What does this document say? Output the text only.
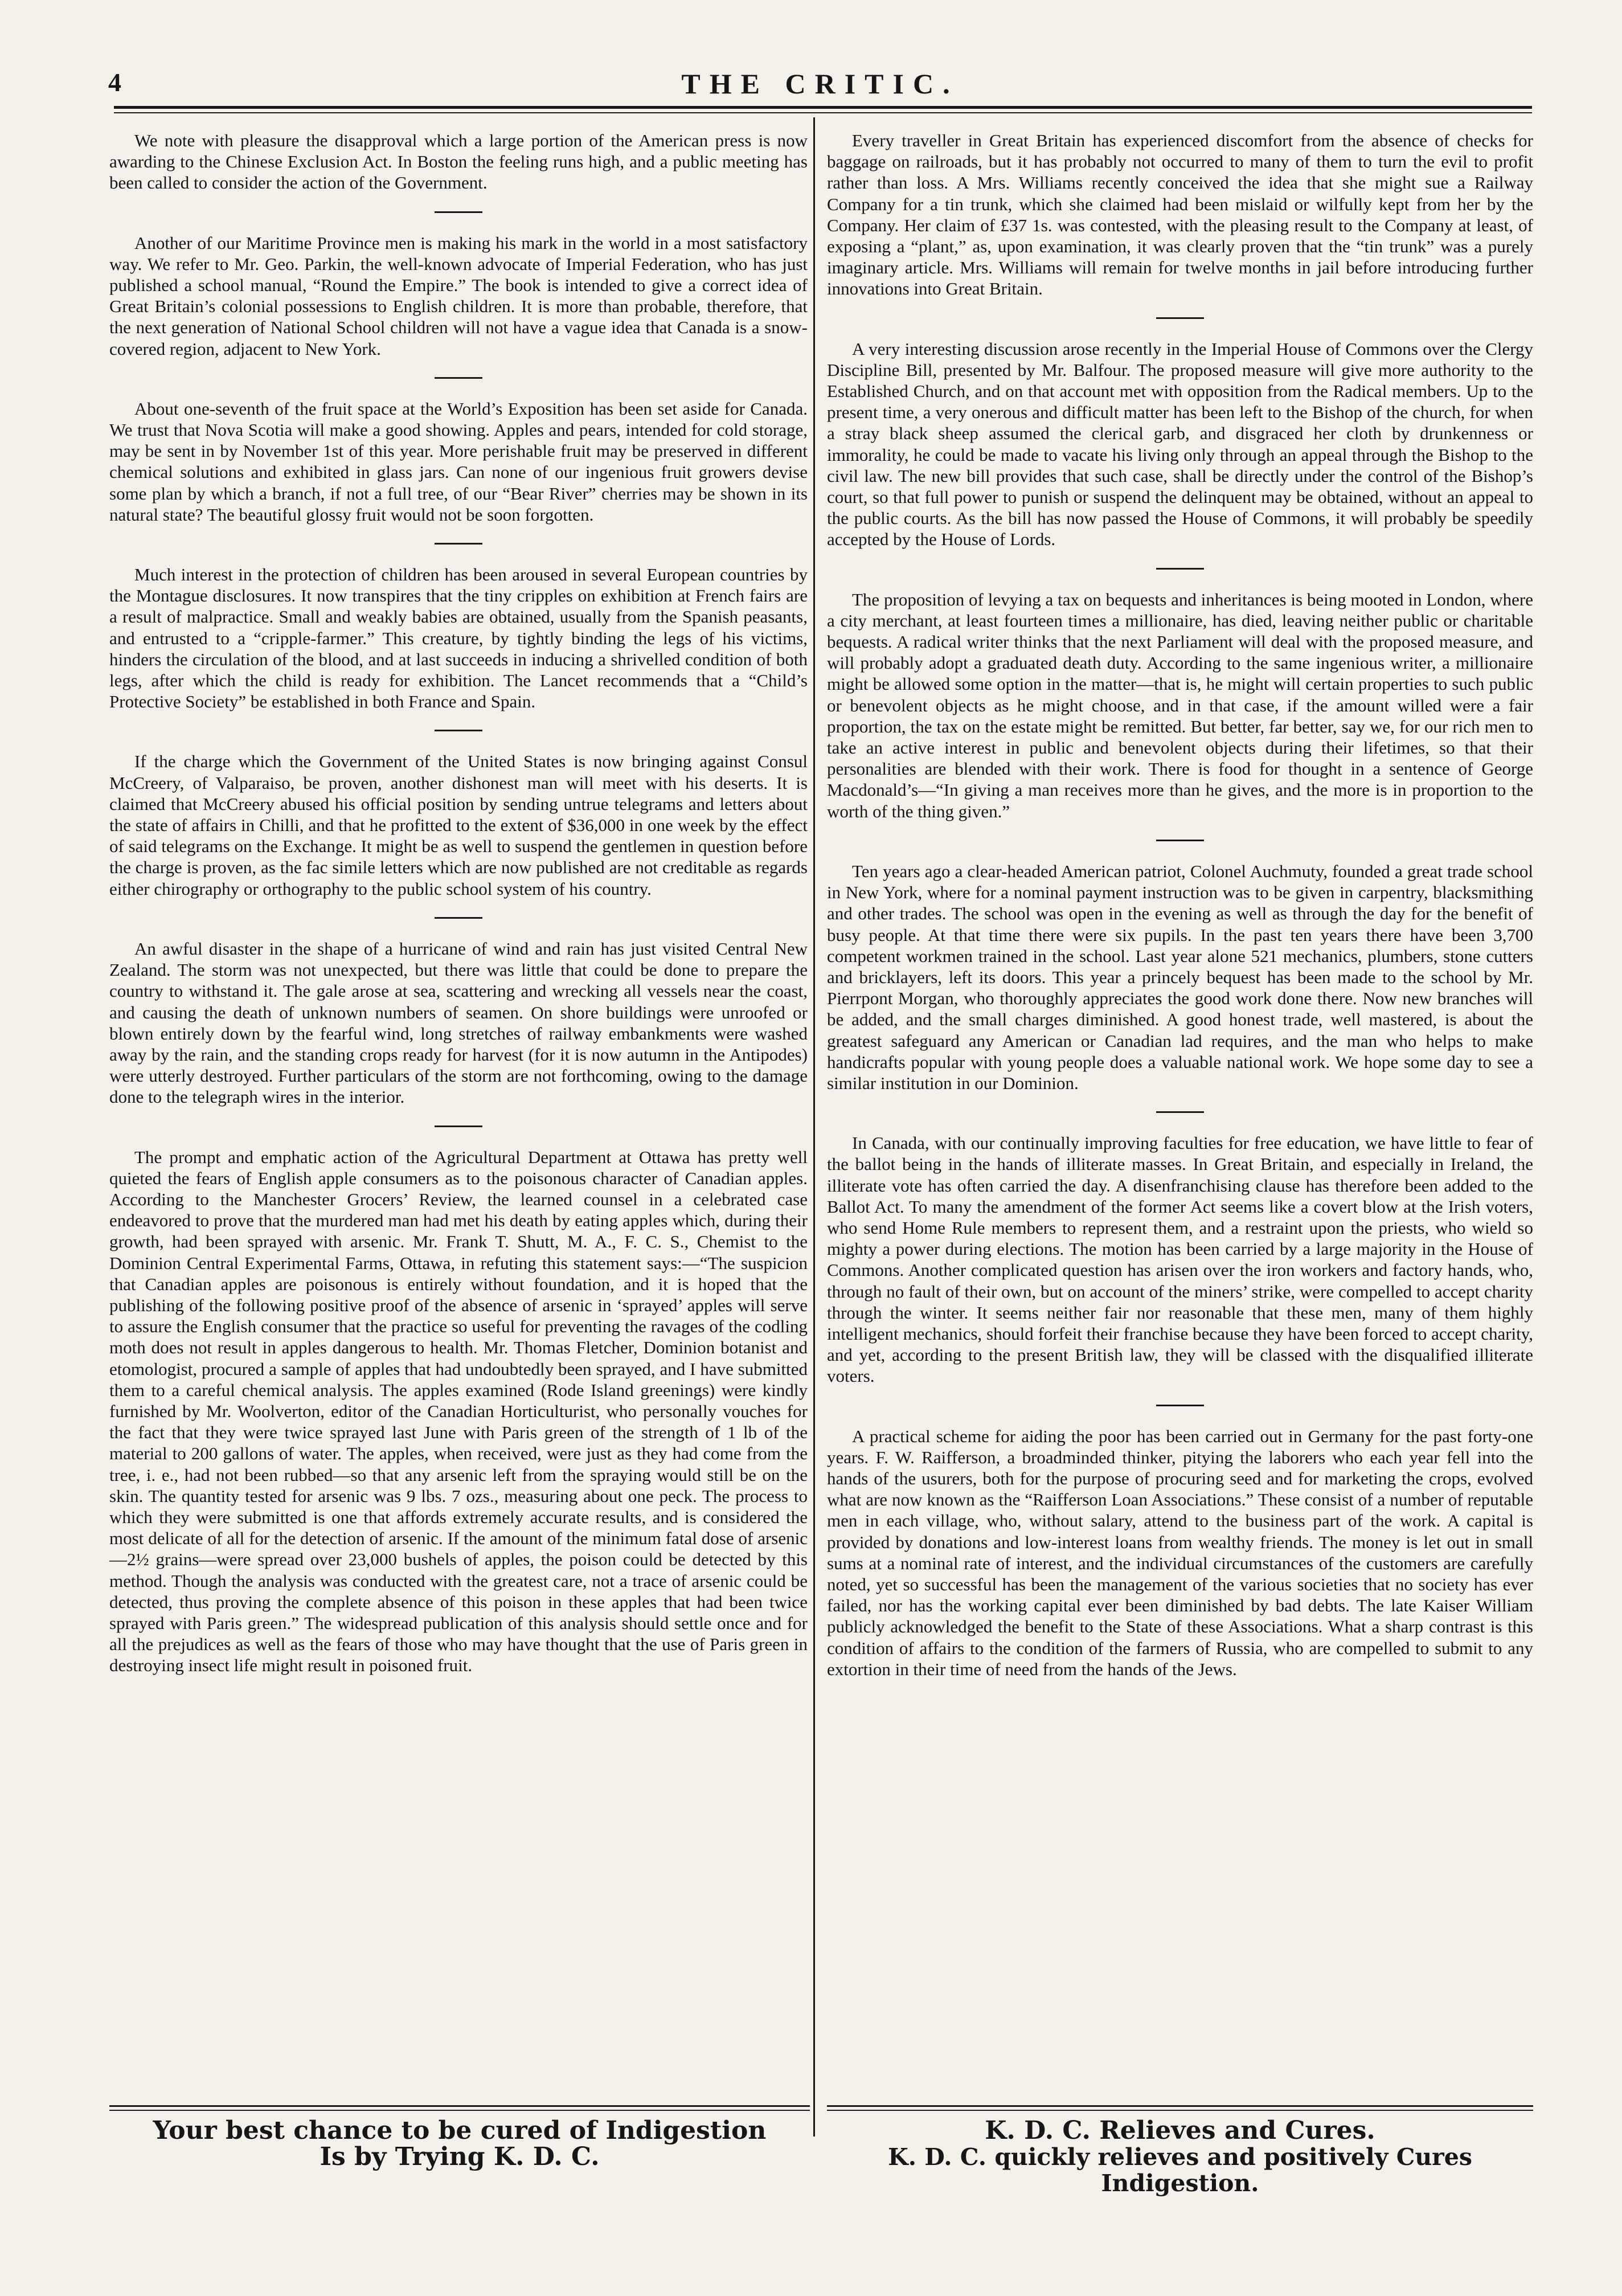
4	THE CRITIC.

We note with pleasure the disapproval which a large portion of the American press is now awarding to the Chinese Exclusion Act. In Boston the feeling runs high, and a public meeting has been called to consider the action of the Government.

Another of our Maritime Province men is making his mark in the world in a most satisfactory way. We refer to Mr. Geo. Parkin, the well-known advocate of Imperial Federation, who has just published a school manual, “Round the Empire.” The book is intended to give a correct idea of Great Britain’s colonial possessions to English children. It is more than probable, therefore, that the next generation of National School children will not have a vague idea that Canada is a snow-covered region, adjacent to New York.

About one-seventh of the fruit space at the World’s Exposition has been set aside for Canada. We trust that Nova Scotia will make a good showing. Apples and pears, intended for cold storage, may be sent in by November 1st of this year. More perishable fruit may be preserved in different chemical solutions and exhibited in glass jars. Can none of our ingenious fruit growers devise some plan by which a branch, if not a full tree, of our “Bear River” cherries may be shown in its natural state? The beautiful glossy fruit would not be soon forgotten.

Much interest in the protection of children has been aroused in several European countries by the Montague disclosures. It now transpires that the tiny cripples on exhibition at French fairs are a result of malpractice. Small and weakly babies are obtained, usually from the Spanish peasants, and entrusted to a “cripple-farmer.” This creature, by tightly binding the legs of his victims, hinders the circulation of the blood, and at last succeeds in inducing a shrivelled condition of both legs, after which the child is ready for exhibition. The Lancet recommends that a “Child’s Protective Society” be established in both France and Spain.

If the charge which the Government of the United States is now bringing against Consul McCreery, of Valparaiso, be proven, another dishonest man will meet with his deserts. It is claimed that McCreery abused his official position by sending untrue telegrams and letters about the state of affairs in Chilli, and that he profitted to the extent of $36,000 in one week by the effect of said telegrams on the Exchange. It might be as well to suspend the gentlemen in question before the charge is proven, as the fac simile letters which are now published are not creditable as regards either chirography or orthography to the public school system of his country.

An awful disaster in the shape of a hurricane of wind and rain has just visited Central New Zealand. The storm was not unexpected, but there was little that could be done to prepare the country to withstand it. The gale arose at sea, scattering and wrecking all vessels near the coast, and causing the death of unknown numbers of seamen. On shore buildings were unroofed or blown entirely down by the fearful wind, long stretches of railway embankments were washed away by the rain, and the standing crops ready for harvest (for it is now autumn in the Antipodes) were utterly destroyed. Further particulars of the storm are not forthcoming, owing to the damage done to the telegraph wires in the interior.

The prompt and emphatic action of the Agricultural Department at Ottawa has pretty well quieted the fears of English apple consumers as to the poisonous character of Canadian apples. According to the Manchester Grocers’ Review, the learned counsel in a celebrated case endeavored to prove that the murdered man had met his death by eating apples which, during their growth, had been sprayed with arsenic. Mr. Frank T. Shutt, M. A., F. C. S., Chemist to the Dominion Central Experimental Farms, Ottawa, in refuting this statement says:—“The suspicion that Canadian apples are poisonous is entirely without foundation, and it is hoped that the publishing of the following positive proof of the absence of arsenic in ‘sprayed’ apples will serve to assure the English consumer that the practice so useful for preventing the ravages of the codling moth does not result in apples dangerous to health. Mr. Thomas Fletcher, Dominion botanist and etomologist, procured a sample of apples that had undoubtedly been sprayed, and I have submitted them to a careful chemical analysis. The apples examined (Rode Island greenings) were kindly furnished by Mr. Woolverton, editor of the Canadian Horticulturist, who personally vouches for the fact that they were twice sprayed last June with Paris green of the strength of 1 lb of the material to 200 gallons of water. The apples, when received, were just as they had come from the tree, i. e., had not been rubbed—so that any arsenic left from the spraying would still be on the skin. The quantity tested for arsenic was 9 lbs. 7 ozs., measuring about one peck. The process to which they were submitted is one that affords extremely accurate results, and is considered the most delicate of all for the detection of arsenic. If the amount of the minimum fatal dose of arsenic—2½ grains—were spread over 23,000 bushels of apples, the poison could be detected by this method. Though the analysis was conducted with the greatest care, not a trace of arsenic could be detected, thus proving the complete absence of this poison in these apples that had been twice sprayed with Paris green.” The widespread publication of this analysis should settle once and for all the prejudices as well as the fears of those who may have thought that the use of Paris green in destroying insect life might result in poisoned fruit.

Every traveller in Great Britain has experienced discomfort from the absence of checks for baggage on railroads, but it has probably not occurred to many of them to turn the evil to profit rather than loss. A Mrs. Williams recently conceived the idea that she might sue a Railway Company for a tin trunk, which she claimed had been mislaid or wilfully kept from her by the Company. Her claim of £37 1s. was contested, with the pleasing result to the Company at least, of exposing a “plant,” as, upon examination, it was clearly proven that the “tin trunk” was a purely imaginary article. Mrs. Williams will remain for twelve months in jail before introducing further innovations into Great Britain.

A very interesting discussion arose recently in the Imperial House of Commons over the Clergy Discipline Bill, presented by Mr. Balfour. The proposed measure will give more authority to the Established Church, and on that account met with opposition from the Radical members. Up to the present time, a very onerous and difficult matter has been left to the Bishop of the church, for when a stray black sheep assumed the clerical garb, and disgraced her cloth by drunkenness or immorality, he could be made to vacate his living only through an appeal through the Bishop to the civil law. The new bill provides that such case, shall be directly under the control of the Bishop’s court, so that full power to punish or suspend the delinquent may be obtained, without an appeal to the public courts. As the bill has now passed the House of Commons, it will probably be speedily accepted by the House of Lords.

The proposition of levying a tax on bequests and inheritances is being mooted in London, where a city merchant, at least fourteen times a millionaire, has died, leaving neither public or charitable bequests. A radical writer thinks that the next Parliament will deal with the proposed measure, and will probably adopt a graduated death duty. According to the same ingenious writer, a millionaire might be allowed some option in the matter—that is, he might will certain properties to such public or benevolent objects as he might choose, and in that case, if the amount willed were a fair proportion, the tax on the estate might be remitted. But better, far better, say we, for our rich men to take an active interest in public and benevolent objects during their lifetimes, so that their personalities are blended with their work. There is food for thought in a sentence of George Macdonald’s—“In giving a man receives more than he gives, and the more is in proportion to the worth of the thing given.”

Ten years ago a clear-headed American patriot, Colonel Auchmuty, founded a great trade school in New York, where for a nominal payment instruction was to be given in carpentry, blacksmithing and other trades. The school was open in the evening as well as through the day for the benefit of busy people. At that time there were six pupils. In the past ten years there have been 3,700 competent workmen trained in the school. Last year alone 521 mechanics, plumbers, stone cutters and bricklayers, left its doors. This year a princely bequest has been made to the school by Mr. Pierrpont Morgan, who thoroughly appreciates the good work done there. Now new branches will be added, and the small charges diminished. A good honest trade, well mastered, is about the greatest safeguard any American or Canadian lad requires, and the man who helps to make handicrafts popular with young people does a valuable national work. We hope some day to see a similar institution in our Dominion.

In Canada, with our continually improving faculties for free education, we have little to fear of the ballot being in the hands of illiterate masses. In Great Britain, and especially in Ireland, the illiterate vote has often carried the day. A disenfranchising clause has therefore been added to the Ballot Act. To many the amendment of the former Act seems like a covert blow at the Irish voters, who send Home Rule members to represent them, and a restraint upon the priests, who wield so mighty a power during elections. The motion has been carried by a large majority in the House of Commons. Another complicated question has arisen over the iron workers and factory hands, who, through no fault of their own, but on account of the miners’ strike, were compelled to accept charity through the winter. It seems neither fair nor reasonable that these men, many of them highly intelligent mechanics, should forfeit their franchise because they have been forced to accept charity, and yet, according to the present British law, they will be classed with the disqualified illiterate voters.

A practical scheme for aiding the poor has been carried out in Germany for the past forty-one years. F. W. Raifferson, a broadminded thinker, pitying the laborers who each year fell into the hands of the usurers, both for the purpose of procuring seed and for marketing the crops, evolved what are now known as the “Raifferson Loan Associations.” These consist of a number of reputable men in each village, who, without salary, attend to the business part of the work. A capital is provided by donations and low-interest loans from wealthy friends. The money is let out in small sums at a nominal rate of interest, and the individual circumstances of the customers are carefully noted, yet so successful has been the management of the various societies that no society has ever failed, nor has the working capital ever been diminished by bad debts. The late Kaiser William publicly acknowledged the benefit to the State of these Associations. What a sharp contrast is this condition of affairs to the condition of the farmers of Russia, who are compelled to submit to any extortion in their time of need from the hands of the Jews.

Your best chance to be cured of Indigestion
Is by Trying K. D. C.
K. D. C. Relieves and Cures.
K. D. C. quickly relieves and positively Cures Indigestion.
